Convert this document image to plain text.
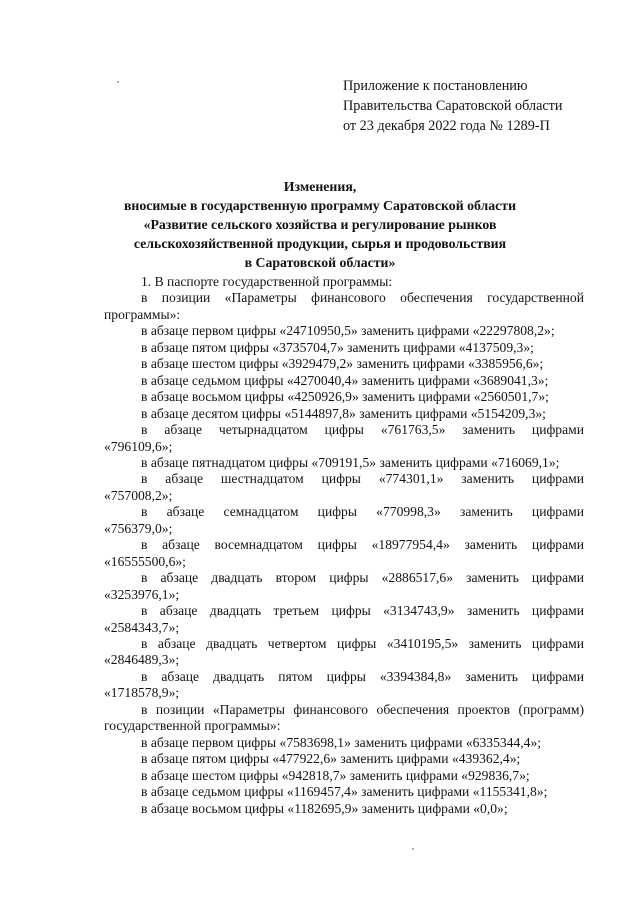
Приложение к постановлению
Правительства Саратовской области
от 23 декабря 2022 года № 1289-П
Изменения,
вносимые в государственную программу Саратовской области
«Развитие сельского хозяйства и регулирование рынков
сельскохозяйственной продукции, сырья и продовольствия
в Саратовской области»
1. В паспорте государственной программы:
в позиции «Параметры финансового обеспечения государственной
программы»:
в абзаце первом цифры «24710950,5» заменить цифрами «22297808,2»;
в абзаце пятом цифры «3735704,7» заменить цифрами «4137509,3»;
в абзаце шестом цифры «3929479,2» заменить цифрами «3385956,6»;
в абзаце седьмом цифры «4270040,4» заменить цифрами «3689041,3»;
в абзаце восьмом цифры «4250926,9» заменить цифрами «2560501,7»;
в абзаце десятом цифры «5144897,8» заменить цифрами «5154209,3»;
в абзаце четырнадцатом цифры «761763,5» заменить цифрами
«796109,6»;
в абзаце пятнадцатом цифры «709191,5» заменить цифрами «716069,1»;
в абзаце шестнадцатом цифры «774301,1» заменить цифрами
«757008,2»;
в абзаце семнадцатом цифры «770998,3» заменить цифрами
«756379,0»;
в абзаце восемнадцатом цифры «18977954,4» заменить цифрами
«16555500,6»;
в абзаце двадцать втором цифры «2886517,6» заменить цифрами
«3253976,1»;
в абзаце двадцать третьем цифры «3134743,9» заменить цифрами
«2584343,7»;
в абзаце двадцать четвертом цифры «3410195,5» заменить цифрами
«2846489,3»;
в абзаце двадцать пятом цифры «3394384,8» заменить цифрами
«1718578,9»;
в позиции «Параметры финансового обеспечения проектов (программ)
государственной программы»:
в абзаце первом цифры «7583698,1» заменить цифрами «6335344,4»;
в абзаце пятом цифры «477922,6» заменить цифрами «439362,4»;
в абзаце шестом цифры «942818,7» заменить цифрами «929836,7»;
в абзаце седьмом цифры «1169457,4» заменить цифрами «1155341,8»;
в абзаце восьмом цифры «1182695,9» заменить цифрами «0,0»;
